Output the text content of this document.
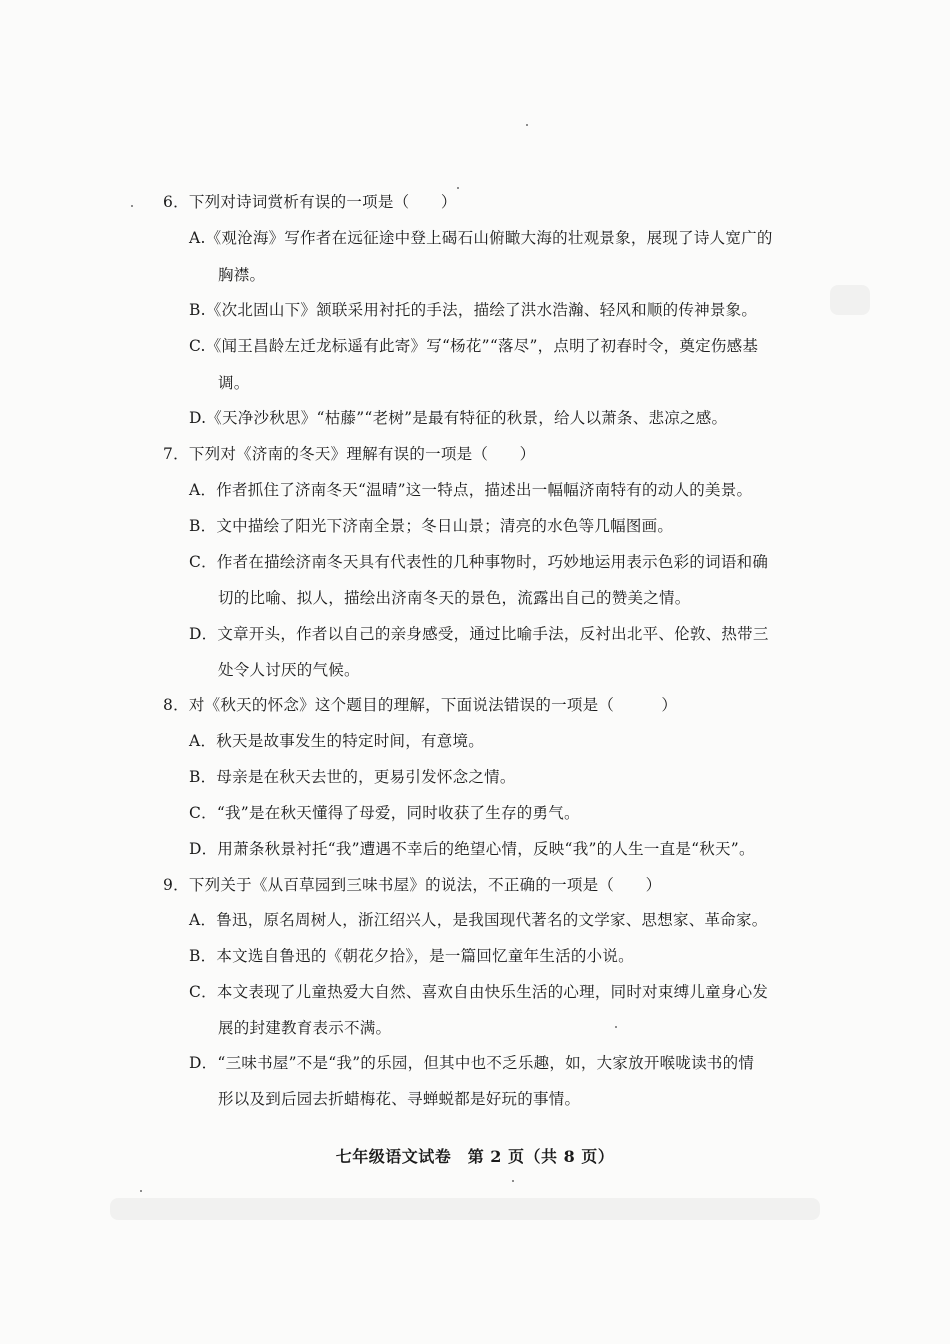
6．下列对诗词赏析有误的一项是（　　）
A.《观沧海》写作者在远征途中登上碣石山俯瞰大海的壮观景象，展现了诗人宽广的
胸襟。
B.《次北固山下》颔联采用衬托的手法，描绘了洪水浩瀚、轻风和顺的传神景象。
C.《闻王昌龄左迁龙标遥有此寄》写“杨花”“落尽”，点明了初春时令，奠定伤感基
调。
D.《天净沙秋思》“枯藤”“老树”是最有特征的秋景，给人以萧条、悲凉之感。
7．下列对《济南的冬天》理解有误的一项是（　　）
A．作者抓住了济南冬天“温晴”这一特点，描述出一幅幅济南特有的动人的美景。
B．文中描绘了阳光下济南全景；冬日山景；清亮的水色等几幅图画。
C．作者在描绘济南冬天具有代表性的几种事物时，巧妙地运用表示色彩的词语和确
切的比喻、拟人，描绘出济南冬天的景色，流露出自己的赞美之情。
D．文章开头，作者以自己的亲身感受，通过比喻手法，反衬出北平、伦敦、热带三
处令人讨厌的气候。
8．对《秋天的怀念》这个题目的理解，下面说法错误的一项是（　　　）
A．秋天是故事发生的特定时间，有意境。
B．母亲是在秋天去世的，更易引发怀念之情。
C．“我”是在秋天懂得了母爱，同时收获了生存的勇气。
D．用萧条秋景衬托“我”遭遇不幸后的绝望心情，反映“我”的人生一直是“秋天”。
9．下列关于《从百草园到三味书屋》的说法，不正确的一项是（　　）
A．鲁迅，原名周树人，浙江绍兴人，是我国现代著名的文学家、思想家、革命家。
B．本文选自鲁迅的《朝花夕拾》，是一篇回忆童年生活的小说。
C．本文表现了儿童热爱大自然、喜欢自由快乐生活的心理，同时对束缚儿童身心发
展的封建教育表示不满。
D．“三味书屋”不是“我”的乐园，但其中也不乏乐趣，如，大家放开喉咙读书的情
形以及到后园去折蜡梅花、寻蝉蜕都是好玩的事情。
七年级语文试卷　第 2 页（共 8 页）
